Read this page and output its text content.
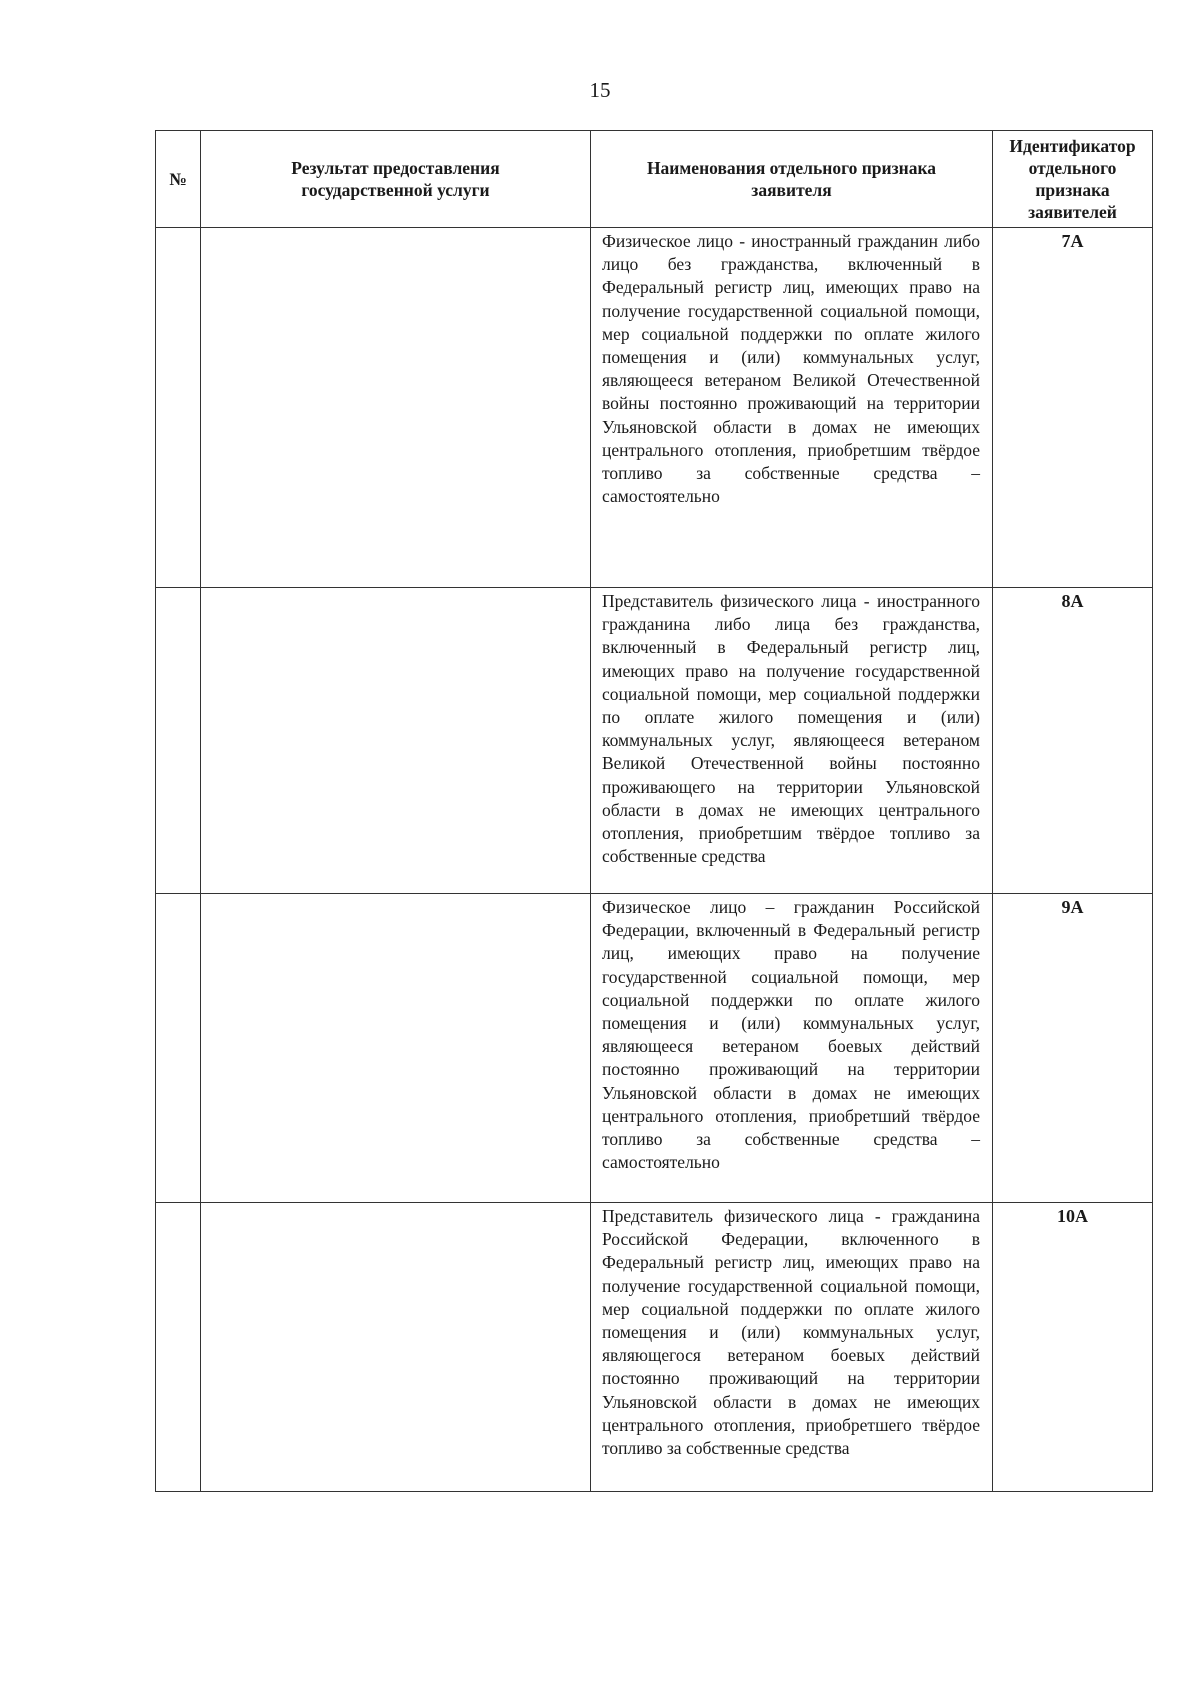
15
№	Результат предоставления государственной услуги	Наименования отдельного признака заявителя	Идентификатор отдельного признака заявителей

		Физическое лицо - иностранный гражданин либо лицо без гражданства, включенный в Федеральный регистр лиц, имеющих право на получение государственной социальной помощи, мер социальной поддержки по оплате жилого помещения и (или) коммунальных услуг, являющееся ветераном Великой Отечественной войны постоянно проживающий на территории Ульяновской области в домах не имеющих центрального отопления, приобретшим твёрдое топливо за собственные средства – самостоятельно	7А

		Представитель физического лица - иностранного гражданина либо лица без гражданства, включенный в Федеральный регистр лиц, имеющих право на получение государственной социальной помощи, мер социальной поддержки по оплате жилого помещения и (или) коммунальных услуг, являющееся ветераном Великой Отечественной войны постоянно проживающего на территории Ульяновской области в домах не имеющих центрального отопления, приобретшим твёрдое топливо за собственные средства	8А

		Физическое лицо – гражданин Российской Федерации, включенный в Федеральный регистр лиц, имеющих право на получение государственной социальной помощи, мер социальной поддержки по оплате жилого помещения и (или) коммунальных услуг, являющееся ветераном боевых действий постоянно проживающий на территории Ульяновской области в домах не имеющих центрального отопления, приобретший твёрдое топливо за собственные средства – самостоятельно	9А

		Представитель физического лица - гражданина Российской Федерации, включенного в Федеральный регистр лиц, имеющих право на получение государственной социальной помощи, мер социальной поддержки по оплате жилого помещения и (или) коммунальных услуг, являющегося ветераном боевых действий постоянно проживающий на территории Ульяновской области в домах не имеющих центрального отопления, приобретшего твёрдое топливо за собственные средства	10А
